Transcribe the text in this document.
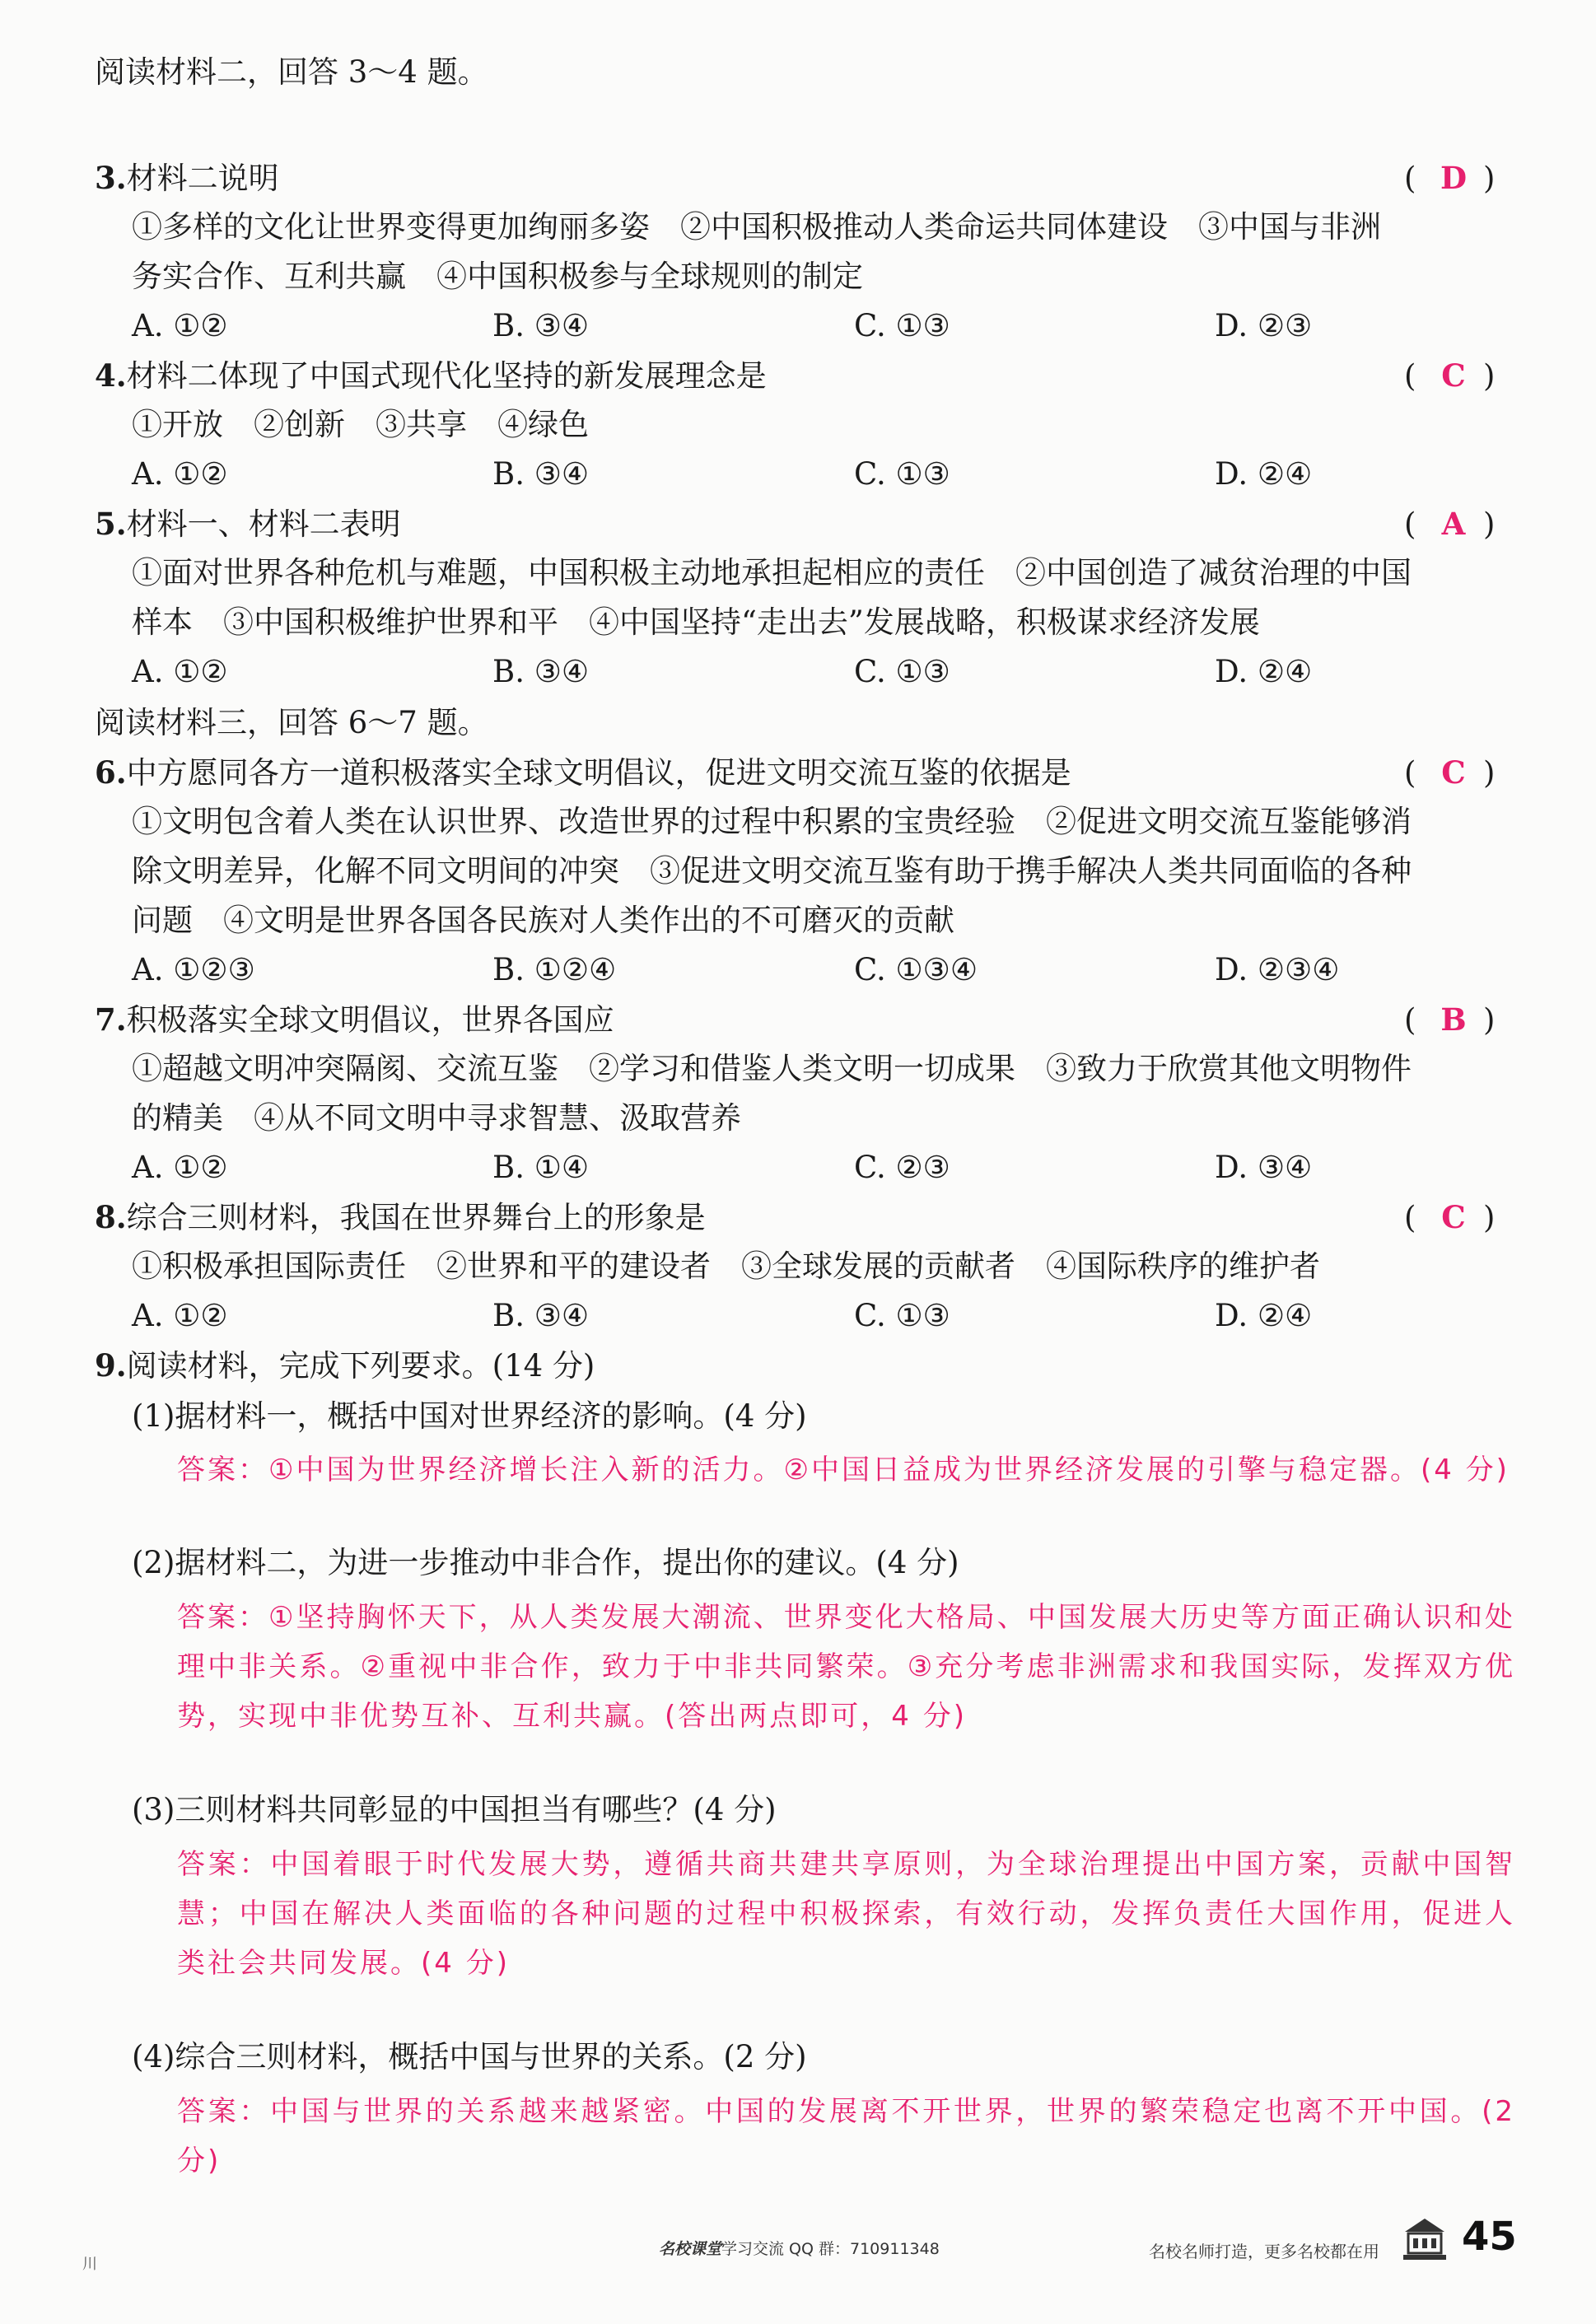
阅读材料二，回答 3～4 题。
3.材料二说明	( D )
①多样的文化让世界变得更加绚丽多姿　②中国积极推动人类命运共同体建设　③中国与非洲
务实合作、互利共赢　④中国积极参与全球规则的制定
A. ①②	B. ③④	C. ①③	D. ②③
4.材料二体现了中国式现代化坚持的新发展理念是	( C )
①开放　②创新　③共享　④绿色
A. ①②	B. ③④	C. ①③	D. ②④
5.材料一、材料二表明	( A )
①面对世界各种危机与难题，中国积极主动地承担起相应的责任　②中国创造了减贫治理的中国
样本　③中国积极维护世界和平　④中国坚持“走出去”发展战略，积极谋求经济发展
A. ①②	B. ③④	C. ①③	D. ②④
阅读材料三，回答 6～7 题。
6.中方愿同各方一道积极落实全球文明倡议，促进文明交流互鉴的依据是	( C )
①文明包含着人类在认识世界、改造世界的过程中积累的宝贵经验　②促进文明交流互鉴能够消
除文明差异，化解不同文明间的冲突　③促进文明交流互鉴有助于携手解决人类共同面临的各种
问题　④文明是世界各国各民族对人类作出的不可磨灭的贡献
A. ①②③	B. ①②④	C. ①③④	D. ②③④
7.积极落实全球文明倡议，世界各国应	( B )
①超越文明冲突隔阂、交流互鉴　②学习和借鉴人类文明一切成果　③致力于欣赏其他文明物件
的精美　④从不同文明中寻求智慧、汲取营养
A. ①②	B. ①④	C. ②③	D. ③④
8.综合三则材料，我国在世界舞台上的形象是	( C )
①积极承担国际责任　②世界和平的建设者　③全球发展的贡献者　④国际秩序的维护者
A. ①②	B. ③④	C. ①③	D. ②④
9.阅读材料，完成下列要求。(14 分)
(1)据材料一，概括中国对世界经济的影响。(4 分)
答案：①中国为世界经济增长注入新的活力。②中国日益成为世界经济发展的引擎与稳定器。(4 分)
(2)据材料二，为进一步推动中非合作，提出你的建议。(4 分)
答案：①坚持胸怀天下，从人类发展大潮流、世界变化大格局、中国发展大历史等方面正确认识和处理中非关系。②重视中非合作，致力于中非共同繁荣。③充分考虑非洲需求和我国实际，发挥双方优势，实现中非优势互补、互利共赢。(答出两点即可，4 分)
(3)三则材料共同彰显的中国担当有哪些？(4 分)
答案：中国着眼于时代发展大势，遵循共商共建共享原则，为全球治理提出中国方案，贡献中国智慧；中国在解决人类面临的各种问题的过程中积极探索，有效行动，发挥负责任大国作用，促进人类社会共同发展。(4 分)
(4)综合三则材料，概括中国与世界的关系。(2 分)
答案：中国与世界的关系越来越紧密。中国的发展离不开世界，世界的繁荣稳定也离不开中国。(2 分)
川
名校课堂学习交流 QQ 群：710911348	名校名师打造，更多名校都在用 45
